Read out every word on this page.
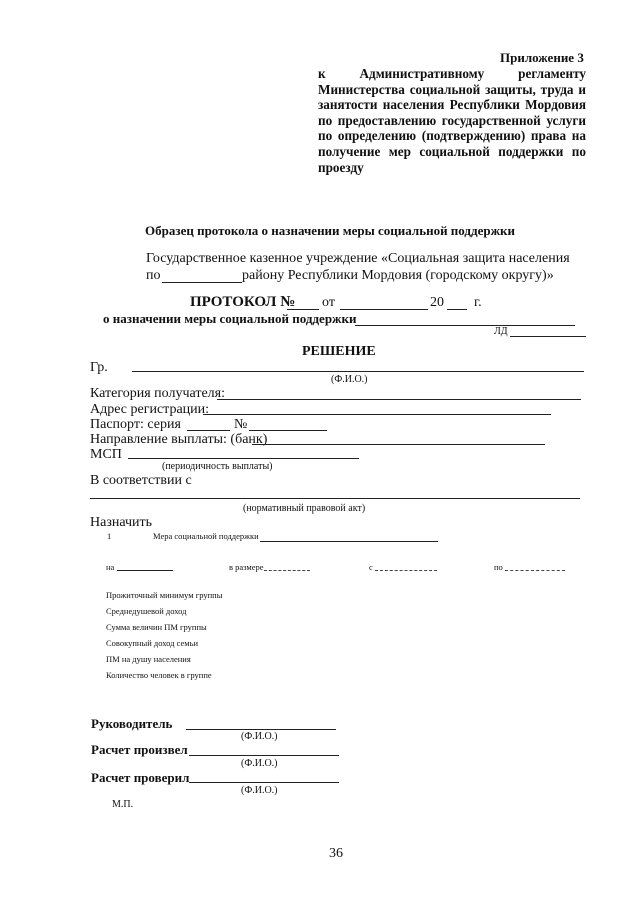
Приложение 3
к Административному регламенту
Министерства социальной защиты, труда и
занятости населения Республики Мордовия
по предоставлению государственной услуги
по определению (подтверждению) права на
получение мер социальной поддержки по
проезду
Образец протокола о назначении меры социальной поддержки
Государственное казенное учреждение «Социальная защита населения
по	району Республики Мордовия (городскому округу)»
ПРОТОКОЛ № от	20 г.
о назначении меры социальной поддержки
ЛД
РЕШЕНИЕ
Гр.
(Ф.И.О.)
Категория получателя:
Адрес регистрации:
Паспорт: серия	№
Направление выплаты: (банк)
МСП
(периодичность выплаты)
В соответствии с
(нормативный правовой акт)
Назначить
1	Мера социальной поддержки
на	в размере	с	по
Прожиточный минимум группы
Среднедушевой доход
Сумма величин ПМ группы
Совокупный доход семьи
ПМ на душу населения
Количество человек в группе
Руководитель
(Ф.И.О.)
Расчет произвел
(Ф.И.О.)
Расчет проверил
(Ф.И.О.)
М.П.
36
